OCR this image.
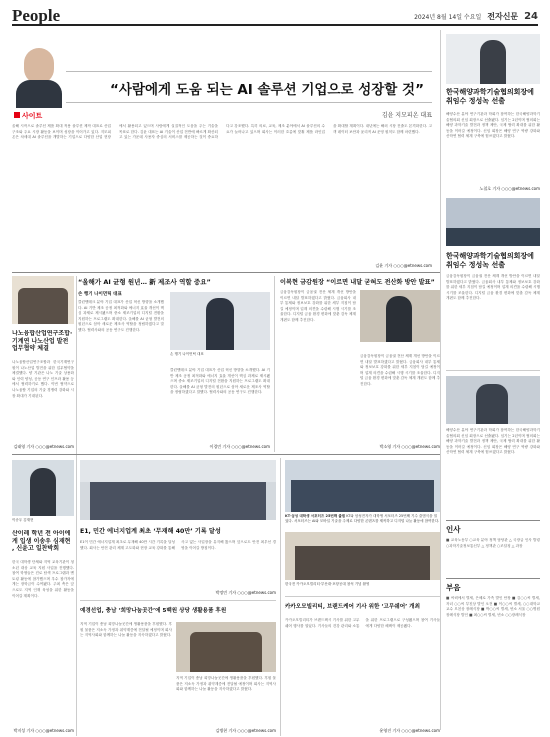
People	2024년 8월 14일 수요일 전자신문 24
“사람에게 도움 되는 AI 솔루션 기업으로 성장할 것”
사이트	김윤 지모피온 대표
올해 시작으로 솔루션 제품 확대 적용 솔루션 제작 대표로 산업 구조와 주요 시장 활동을 보이며 성장을 이어가고 있다. 지모피온은 차세대 AI 솔루션을 개발하는 기업으로 다양한 산업 현장에서 활용되고 있으며 사람에게 실질적인 도움을 주는 기술을 목표로 한다. 김윤 대표는 AI 기술이 산업 전반에 빠르게 확산되고 있는 가운데 사용자 중심의 서비스를 제공하는 것이 중요하다고 강조했다. 특히 의료, 교육, 제조 분야에서 AI 솔루션의 수요가 늘어나고 있으며 회사는 이러한 흐름에 맞춰 제품 라인업을 확대할 계획이다. 내년에는 해외 시장 진출도 본격화한다. 고객 데이터 보안과 윤리적 AI 운영 원칙도 함께 마련했다.
김윤 기자 ○○○@etnews.com
한국해양과학기술협의회장에 취임수 정성녹 선출
해양수산 분야 연구기관과 학회가 참여하는 한국해양과학기술협의회 신임 회장으로 선출됐다. 임기는 2년이며 협의회는 해양 과학기술 발전과 정책 제안, 국제 협력 확대를 위한 활동을 이어갈 예정이다. 신임 회장은 해양 연구 역량 강화와 산학연 협력 체계 구축에 힘쓰겠다고 밝혔다.
노철호 기자 ○○○@etnews.com
한국해양과학기술협의회장에 취임수 정성녹 선출
금융감독원장이 금융권 전산 체계 개선 방안을 이르면 내달 발표하겠다고 밝혔다. 금융회사 내부 통제와 정보보호 강화를 위한 세부 지침이 담길 예정이며 업계 의견을 수렴해 시행 시기를 조율한다. 디지털 금융 환경 변화에 맞춘 감독 체계 개편도 함께 추진한다.
“올해가 AI 균형 원년… 新 제조사 역할 중요”
손 행기 나이먼틱 대표
클린엔테크 분야 기업 대표가 산업 혁신 방향을 소개했다. AI 기반 제조 공정 최적화와 에너지 효율 개선이 핵심 과제로 제시됐으며 중소 제조기업의 디지털 전환을 지원하는 프로그램도 확대한다. 올해를 AI 균형 발전의 원년으로 삼아 새로운 제조사 역할을 정립하겠다고 말했다. 협력사와의 공동 연구도 진행한다.
손 행기 나이먼틱 대표
클린엔테크 분야 기업 대표가 산업 혁신 방향을 소개했다. AI 기반 제조 공정 최적화와 에너지 효율 개선이 핵심 과제로 제시됐으며 중소 제조기업의 디지털 전환을 지원하는 프로그램도 확대한다. 올해를 AI 균형 발전의 원년으로 삼아 새로운 제조사 역할을 정립하겠다고 말했다. 협력사와의 공동 연구도 진행한다.
이경민 기자 ○○○@etnews.com
이복현 금감원장 “이르면 내달 굳혀도 전산화 방안 발표”
금융감독원장이 금융권 전산 체계 개선 방안을 이르면 내달 발표하겠다고 밝혔다. 금융회사 내부 통제와 정보보호 강화를 위한 세부 지침이 담길 예정이며 업계 의견을 수렴해 시행 시기를 조율한다. 디지털 금융 환경 변화에 맞춘 감독 체계 개편도 함께 추진한다.
금융감독원장이 금융권 전산 체계 개선 방안을 이르면 내달 발표하겠다고 밝혔다. 금융회사 내부 통제와 정보보호 강화를 위한 세부 지침이 담길 예정이며 업계 의견을 수렴해 시행 시기를 조율한다. 디지털 금융 환경 변화에 맞춘 감독 체계 개편도 함께 추진한다.
박소영 기자 ○○○@etnews.com
나노융합산업연구조합·기계연 나노산업 발전 업무협약 체결
나노융합산업연구조합과 한국기계연구원이 나노산업 발전을 위한 업무협약을 체결했다. 양 기관은 나노 기술 상용화와 인력 양성, 공동 연구 인프라 활용 등에서 협력하기로 했다. 이번 협약으로 나노융합 기업의 기술 경쟁력 강화와 시장 확대가 기대된다.
김태영 기자 ○○○@etnews.com
이송우 김재현
산이레 학년 전 아이에게 입생 이송우 심재현 , 신윤고 일찬박회
한국 대학생 단체와 지역 교육기관이 청소년 대상 교육 지원 사업을 진행했다. 참여 학생들은 진로 탐색 프로그램과 멘토링 활동에 참가했으며 우수 참가자에게는 장학금이 수여됐다. 주최 측은 앞으로도 지역 인재 육성을 위한 활동을 이어갈 계획이다.
박지성 기자 ○○○@etnews.com
E1, 민간 에너지업계 최초 ‘무재해 40만’ 기록 달성
E1이 민간 에너지업계 최초로 무재해 40만 시간 기록을 달성했다. 회사는 안전 관리 체계 고도화와 현장 교육 강화를 통해 사고 없는 사업장을 유지해 왔으며 앞으로도 안전 최우선 경영을 이어갈 방침이다.
박정민 기자 ○○○@etnews.com
예경선업, 충남 ‘희망나눔곳간’에 5백원 상당 생활용품 후원
지역 기업이 충남 희망나눔곳간에 생활용품을 후원했다. 후원 물품은 저소득 가정과 취약계층에 전달될 예정이며 회사는 지역사회와 함께하는 나눔 활동을 지속하겠다고 밝혔다.
지역 기업이 충남 희망나눔곳간에 생활용품을 후원했다. 후원 물품은 저소득 가정과 취약계층에 전달될 예정이며 회사는 지역사회와 함께하는 나눔 활동을 지속하겠다고 밝혔다.
김병현 기자 ○○○@etnews.com
KT·삼성 대학생 서포터즈 25번째 출범 KT와 삼성전자가 대학생 서포터즈 25번째 기수 출범식을 열었다. 서포터즈는 AI와 모바일 기술을 주제로 다양한 콘텐츠를 제작하고 디지털 나눔 활동에 참여한다.
한국전 카카오모빌리티·부산대·포항공대 참석 기념 촬영
카카오모빌리티, 브랜드케어 기사 위한 ‘고무쉐어’ 개최
카카오모빌리티가 브랜드택시 기사를 위한 고무쉐어 행사를 열었다. 기사들의 건강 관리와 소통을 위한 프로그램으로 구성됐으며 참여 기사들에게 다양한 혜택이 제공됐다.
윤영진 기자 ○○○@etnews.com
해양수산 분야 연구기관과 학회가 참여하는 한국해양과학기술협의회 신임 회장으로 선출됐다. 임기는 2년이며 협의회는 해양 과학기술 발전과 정책 제안, 국제 협력 확대를 위한 활동을 이어갈 예정이다. 신임 회장은 해양 연구 역량 강화와 산학연 협력 체계 구축에 힘쓰겠다고 밝혔다.
인사
■ 교육노동부 ○교육 분야 정책 담당관 △ 국장급 인사 발령 ○과학기술정보통신부 △ 정책관 ○조달청 △ 과장
부음
■ 씨릭에서 별세, 은혜로 가족 발인 안장 ■ 김○○씨 별세, 자녀 ○○씨 부친상 발인 오전 ■ 이○○씨 별세, ○○대학교 교수 모친상 장례식장 ■ 박○○씨 별세, 빈소 서울 ○○병원 장례식장 발인 ■ 최○○씨 별세, 빈소 ○○장례식장
